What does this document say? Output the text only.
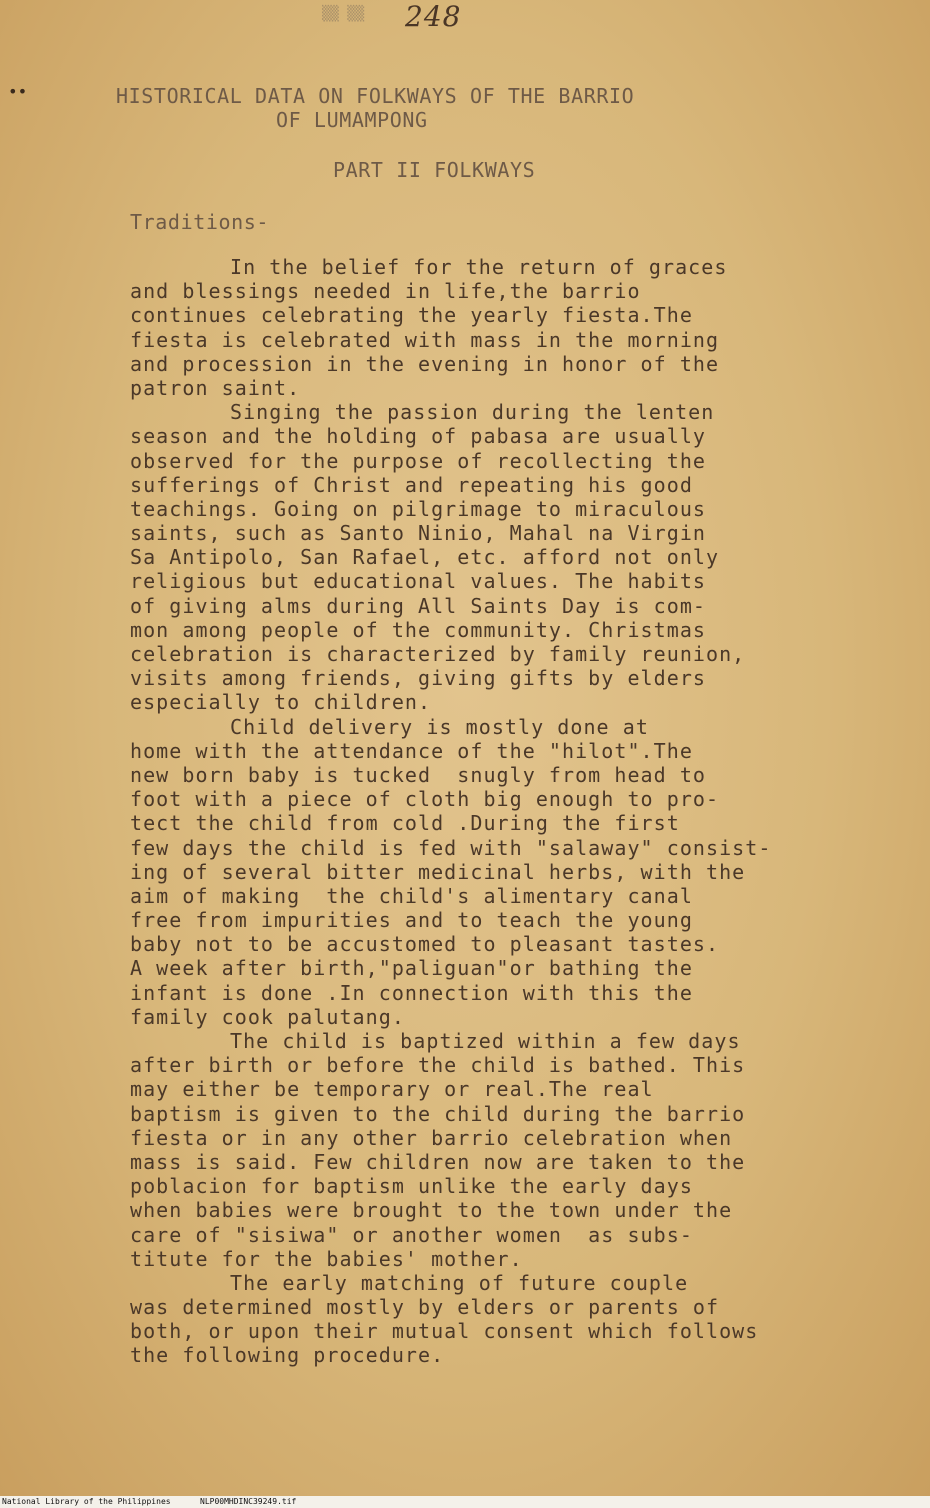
▒▒ ▒▒	248
••	HISTORICAL DATA ON FOLKWAYS OF THE BARRIO
OF LUMAMPONG
PART II FOLKWAYS
Traditions-
In the belief for the return of graces
and blessings needed in life,the barrio
continues celebrating the yearly fiesta.The
fiesta is celebrated with mass in the morning
and procession in the evening in honor of the
patron saint.
Singing the passion during the lenten
season and the holding of pabasa are usually
observed for the purpose of recollecting the
sufferings of Christ and repeating his good
teachings. Going on pilgrimage to miraculous
saints, such as Santo Ninio, Mahal na Virgin
Sa Antipolo, San Rafael, etc. afford not only
religious but educational values. The habits
of giving alms during All Saints Day is com-
mon among people of the community. Christmas
celebration is characterized by family reunion,
visits among friends, giving gifts by elders
especially to children.
Child delivery is mostly done at
home with the attendance of the "hilot".The
new born baby is tucked  snugly from head to
foot with a piece of cloth big enough to pro-
tect the child from cold .During the first
few days the child is fed with "salaway" consist-
ing of several bitter medicinal herbs, with the
aim of making  the child's alimentary canal
free from impurities and to teach the young
baby not to be accustomed to pleasant tastes.
A week after birth,"paliguan"or bathing the
infant is done .In connection with this the
family cook palutang.
The child is baptized within a few days
after birth or before the child is bathed. This
may either be temporary or real.The real
baptism is given to the child during the barrio
fiesta or in any other barrio celebration when
mass is said. Few children now are taken to the
poblacion for baptism unlike the early days
when babies were brought to the town under the
care of "sisiwa" or another women  as subs-
titute for the babies' mother.
The early matching of future couple
was determined mostly by elders or parents of
both, or upon their mutual consent which follows
the following procedure.
National Library of the Philippines	NLP00MHDINC39249.tif
